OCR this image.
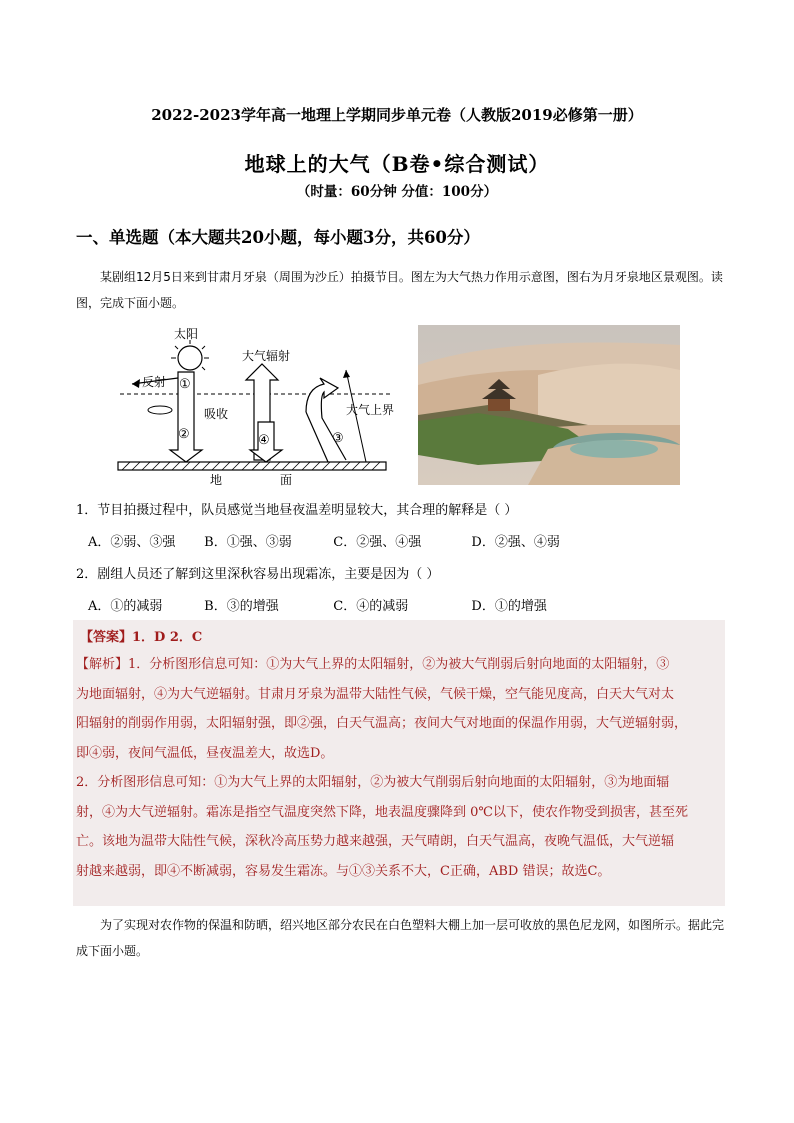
2022-2023学年高一地理上学期同步单元卷（人教版2019必修第一册）
地球上的大气（B卷•综合测试）
（时量：60分钟 分值：100分）
一、单选题（本大题共20小题，每小题3分，共60分）
某剧组12月5日来到甘肃月牙泉（周围为沙丘）拍摄节目。图左为大气热力作用示意图，图右为月牙泉地区景观图。读图，完成下面小题。
太阳
①
②
反射
吸收
大气辐射
④	③
大气上界
地	面
1．节目拍摄过程中，队员感觉当地昼夜温差明显较大，其合理的解释是（ ）
A．②弱、③强 B．①强、③弱	C．②强、④强	D．②强、④弱
2．剧组人员还了解到这里深秋容易出现霜冻，主要是因为（ ）
A．①的减弱	B．③的增强	C．④的减弱	D．①的增强
【答案】1．D 2．C
【解析】1．分析图形信息可知：①为大气上界的太阳辐射，②为被大气削弱后射向地面的太阳辐射，③
为地面辐射，④为大气逆辐射。甘肃月牙泉为温带大陆性气候，气候干燥，空气能见度高，白天大气对太
阳辐射的削弱作用弱，太阳辐射强，即②强，白天气温高；夜间大气对地面的保温作用弱，大气逆辐射弱，
即④弱，夜间气温低，昼夜温差大，故选D。
2．分析图形信息可知：①为大气上界的太阳辐射，②为被大气削弱后射向地面的太阳辐射，③为地面辐
射，④为大气逆辐射。霜冻是指空气温度突然下降，地表温度骤降到 0℃以下，使农作物受到损害，甚至死
亡。该地为温带大陆性气候，深秋冷高压势力越来越强，天气晴朗，白天气温高，夜晚气温低，大气逆辐
射越来越弱，即④不断减弱，容易发生霜冻。与①③关系不大，C正确，ABD 错误；故选C。
为了实现对农作物的保温和防晒，绍兴地区部分农民在白色塑料大棚上加一层可收放的黑色尼龙网，如图所示。据此完成下面小题。
